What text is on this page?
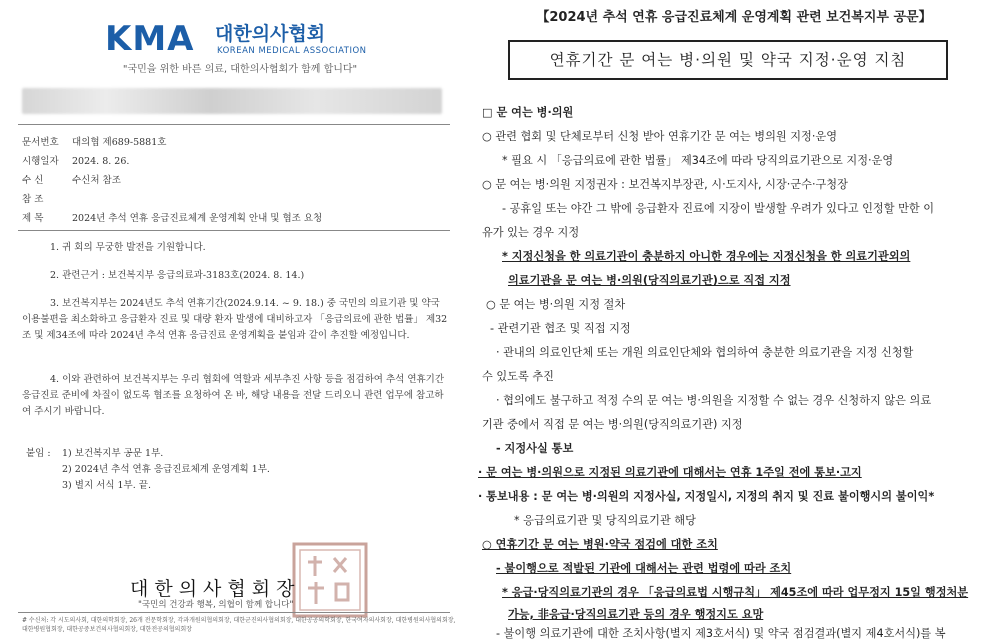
KMA 대한의사협회
KOREAN MEDICAL ASSOCIATION
"국민을 위한 바른 의료, 대한의사협회가 함께 합니다"
문서번호 대의협 제689-5881호
시행일자 2024. 8. 26.
수 신	수신처 참조
참 조
제 목	2024년 추석 연휴 응급진료체계 운영계획 안내 및 협조 요청
1. 귀 회의 무궁한 발전을 기원합니다.
2. 관련근거 : 보건복지부 응급의료과-3183호(2024. 8. 14.)
3. 보건복지부는 2024년도 추석 연휴기간(2024.9.14. ~ 9. 18.) 중 국민의 의료기관 및 약국 이용불편을 최소화하고 응급환자 진료 및 대량 환자 발생에 대비하고자 「응급의료에 관한 법률」 제32조 및 제34조에 따라 2024년 추석 연휴 응급진료 운영계획을 붙임과 같이 추진할 예정입니다.
4. 이와 관련하여 보건복지부는 우리 협회에 역할과 세부추진 사항 등을 점검하여 추석 연휴기간 응급진료 준비에 차질이 없도록 협조를 요청하여 온 바, 해당 내용을 전달 드리오니 관련 업무에 참고하여 주시기 바랍니다.
붙임 : 1) 보건복지부 공문 1부.
2) 2024년 추석 연휴 응급진료체계 운영계획 1부.
3) 별지 서식 1부. 끝.
대한의사협회장
"국민의 건강과 행복, 의협이 함께 합니다"
# 수신처: 각 시도의사회, 대한의학회장, 26개 전문학회장, 각과개원의협의회장, 대한군진의사협의회장, 대한공공의학회장, 한국여자의사회장, 대한병원의사협의회장, 대한병원협회장, 대한공중보건의사협의회장, 대한전공의협의회장
【2024년 추석 연휴 응급진료체계 운영계획 관련 보건복지부 공문】
연휴기간 문 여는 병·의원 및 약국 지정·운영 지침
□ 문 여는 병·의원
○ 관련 협회 및 단체로부터 신청 받아 연휴기간 문 여는 병의원 지정·운영
* 필요 시 「응급의료에 관한 법률」 제34조에 따라 당직의료기관으로 지정·운영
○ 문 여는 병·의원 지정권자 : 보건복지부장관, 시·도지사, 시장·군수·구청장
- 공휴일 또는 야간 그 밖에 응급환자 진료에 지장이 발생할 우려가 있다고 인정할 만한 이
유가 있는 경우 지정
* 지정신청을 한 의료기관이 충분하지 아니한 경우에는 지정신청을 한 의료기관외의
의료기관을 문 여는 병·의원(당직의료기관)으로 직접 지정
○ 문 여는 병·의원 지정 절차
- 관련기관 협조 및 직접 지정
· 관내의 의료인단체 또는 개원 의료인단체와 협의하여 충분한 의료기관을 지정 신청할
수 있도록 추진
· 협의에도 불구하고 적정 수의 문 여는 병·의원을 지정할 수 없는 경우 신청하지 않은 의료
기관 중에서 직접 문 여는 병·의원(당직의료기관) 지정
- 지정사실 통보
· 문 여는 병·의원으로 지정된 의료기관에 대해서는 연휴 1주일 전에 통보·고지
· 통보내용 : 문 여는 병·의원의 지정사실, 지정일시, 지정의 취지 및 진료 불이행시의 불이익*
* 응급의료기관 및 당직의료기관 해당
○ 연휴기간 문 여는 병원·약국 점검에 대한 조치
- 불이행으로 적발된 기관에 대해서는 관련 법령에 따라 조치
* 응급·당직의료기관의 경우 「응급의료법 시행규칙」 제45조에 따라 업무정지 15일 행정처분
가능, 非응급·당직의료기관 등의 경우 행정지도 요망
- 불이행 의료기관에 대한 조치사항(별지 제3호서식) 및 약국 점검결과(별지 제4호서식)를 복
